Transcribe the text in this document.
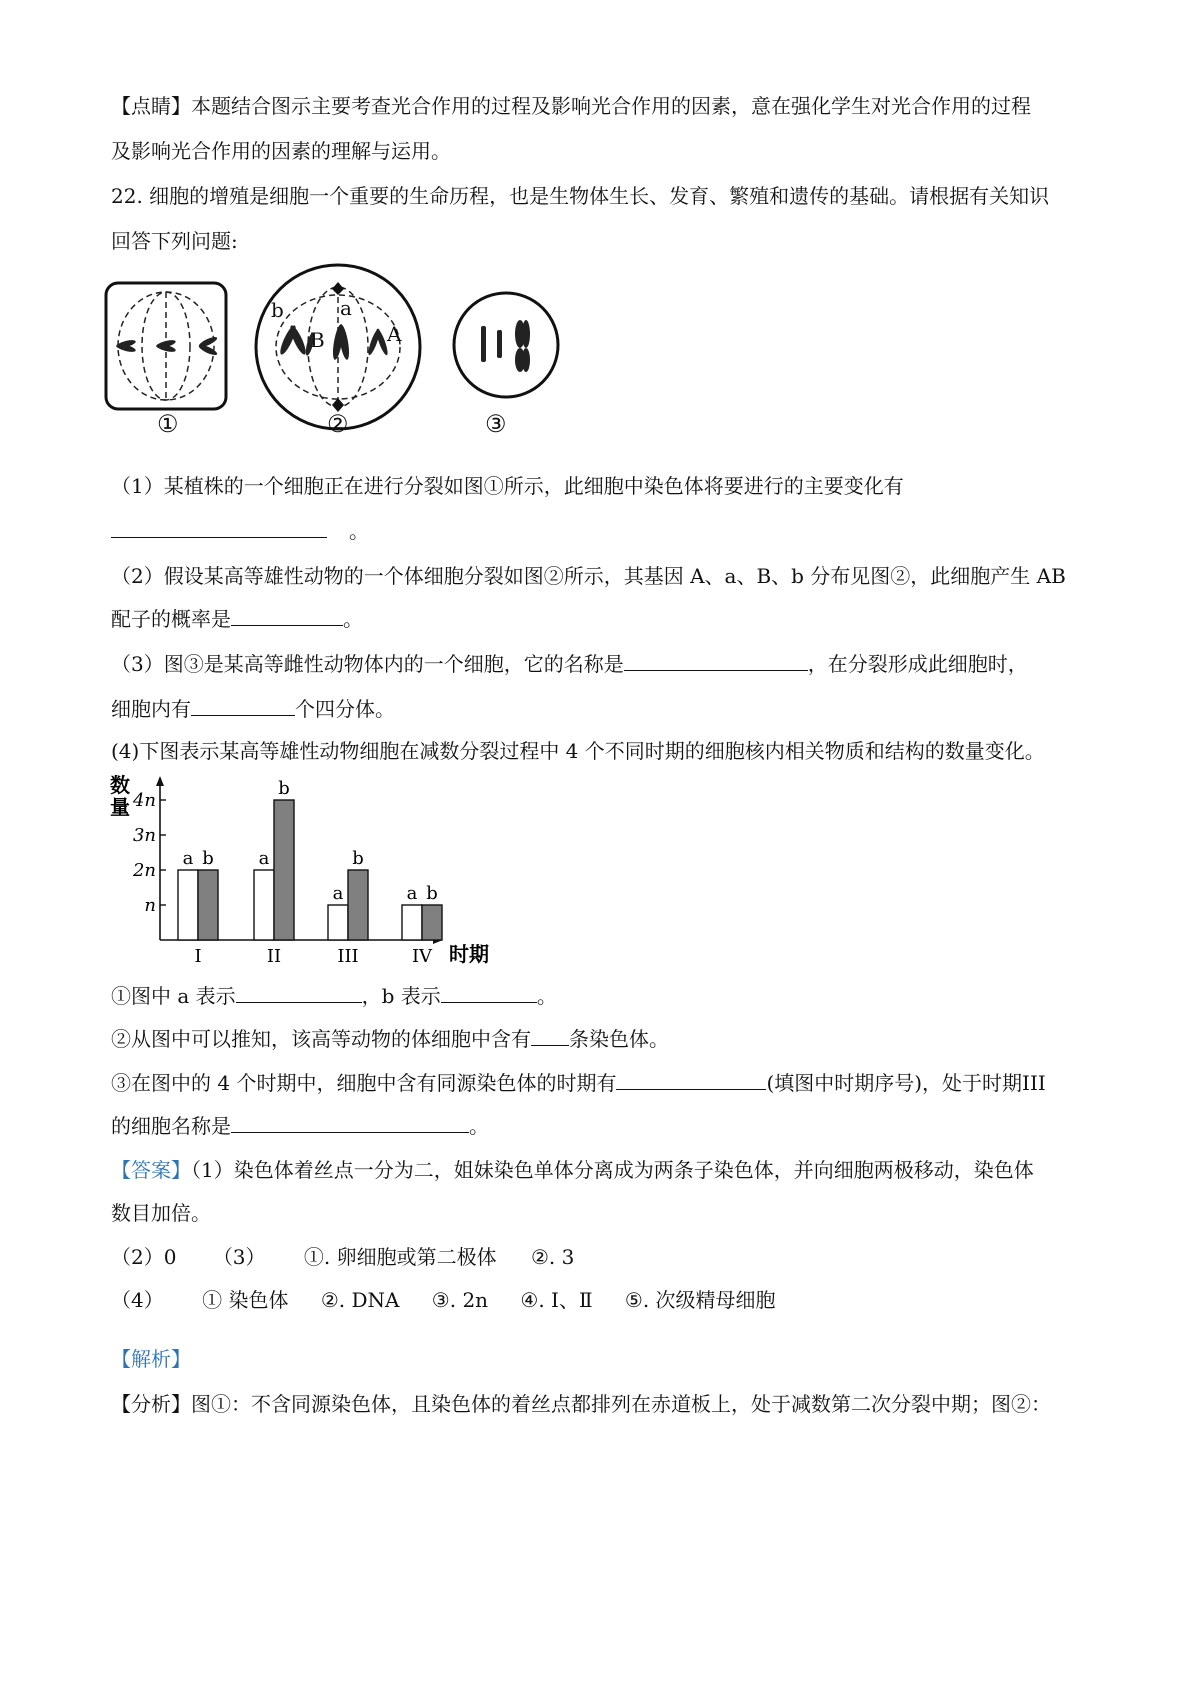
【点睛】本题结合图示主要考查光合作用的过程及影响光合作用的因素，意在强化学生对光合作用的过程
及影响光合作用的因素的理解与运用。
22. 细胞的增殖是细胞一个重要的生命历程，也是生物体生长、发育、繁殖和遗传的基础。请根据有关知识
回答下列问题:
b
B
a
A
①	②	③
（1）某植株的一个细胞正在进行分裂如图①所示，此细胞中染色体将要进行的主要变化有
。
（2）假设某高等雄性动物的一个体细胞分裂如图②所示，其基因 A、a、B、b 分布见图②，此细胞产生 AB
配子的概率是	。
（3）图③是某高等雌性动物体内的一个细胞，它的名称是	，在分裂形成此细胞时，
细胞内有	个四分体。
(4)下图表示某高等雄性动物细胞在减数分裂过程中 4 个不同时期的细胞核内相关物质和结构的数量变化。
数量
n
2n
3n
4n
a b a
b
a
b
a b
I	II	III	IV 时期
①图中 a 表示	，b 表示	。
②从图中可以推知，该高等动物的体细胞中含有 条染色体。
③在图中的 4 个时期中，细胞中含有同源染色体的时期有	(填图中时期序号)，处于时期III
的细胞名称是	。
【答案】（1）染色体着丝点一分为二，姐妹染色单体分离成为两条子染色体，并向细胞两极移动，染色体
数目加倍。
（2）0 （3） ①. 卵细胞或第二极体 ②. 3
（4） ① 染色体 ②. DNA ③. 2n ④. Ⅰ、Ⅱ ⑤. 次级精母细胞
【解析】
【分析】图①：不含同源染色体，且染色体的着丝点都排列在赤道板上，处于减数第二次分裂中期；图②：
